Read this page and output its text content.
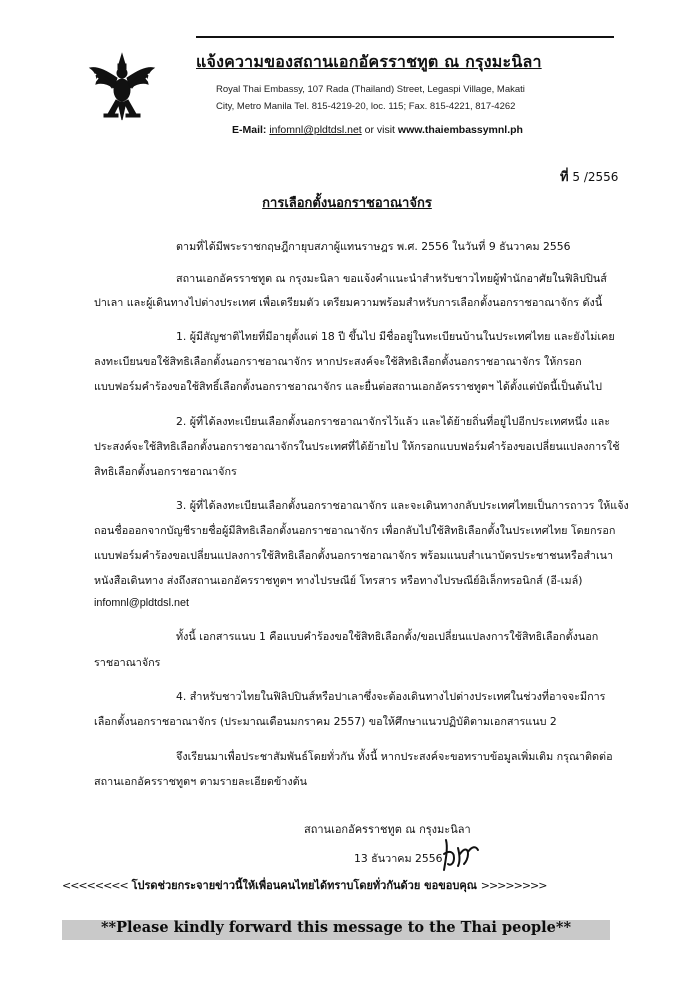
แจ้งความของสถานเอกอัครราชทูต ณ กรุงมะนิลา
Royal Thai Embassy, 107 Rada (Thailand) Street, Legaspi Village, Makati
City, Metro Manila Tel. 815-4219-20, loc. 115; Fax. 815-4221, 817-4262
E-Mail: infomnl@pldtdsl.net or visit www.thaiembassymnl.ph
ที่ 5 /2556
การเลือกตั้งนอกราชอาณาจักร
ตามที่ได้มีพระราชกฤษฎีกายุบสภาผู้แทนราษฎร พ.ศ. 2556 ในวันที่ 9 ธันวาคม 2556
สถานเอกอัครราชทูต ณ กรุงมะนิลา ขอแจ้งคำแนะนำสำหรับชาวไทยผู้พำนักอาศัยในฟิลิปปินส์
ปาเลา และผู้เดินทางไปต่างประเทศ เพื่อเตรียมตัว เตรียมความพร้อมสำหรับการเลือกตั้งนอกราชอาณาจักร ดังนี้
1. ผู้มีสัญชาติไทยที่มีอายุตั้งแต่ 18 ปี ขึ้นไป มีชื่ออยู่ในทะเบียนบ้านในประเทศไทย และยังไม่เคย
ลงทะเบียนขอใช้สิทธิเลือกตั้งนอกราชอาณาจักร หากประสงค์จะใช้สิทธิเลือกตั้งนอกราชอาณาจักร ให้กรอก
แบบฟอร์มคำร้องขอใช้สิทธิ์เลือกตั้งนอกราชอาณาจักร และยื่นต่อสถานเอกอัครราชทูตฯ ได้ตั้งแต่บัดนี้เป็นต้นไป
2. ผู้ที่ได้ลงทะเบียนเลือกตั้งนอกราชอาณาจักรไว้แล้ว และได้ย้ายถิ่นที่อยู่ไปอีกประเทศหนึ่ง และ
ประสงค์จะใช้สิทธิเลือกตั้งนอกราชอาณาจักรในประเทศที่ได้ย้ายไป ให้กรอกแบบฟอร์มคำร้องขอเปลี่ยนแปลงการใช้
สิทธิเลือกตั้งนอกราชอาณาจักร
3. ผู้ที่ได้ลงทะเบียนเลือกตั้งนอกราชอาณาจักร และจะเดินทางกลับประเทศไทยเป็นการถาวร ให้แจ้ง
ถอนชื่อออกจากบัญชีรายชื่อผู้มีสิทธิเลือกตั้งนอกราชอาณาจักร เพื่อกลับไปใช้สิทธิเลือกตั้งในประเทศไทย โดยกรอก
แบบฟอร์มคำร้องขอเปลี่ยนแปลงการใช้สิทธิเลือกตั้งนอกราชอาณาจักร พร้อมแนบสำเนาบัตรประชาชนหรือสำเนา
หนังสือเดินทาง ส่งถึงสถานเอกอัครราชทูตฯ ทางไปรษณีย์ โทรสาร หรือทางไปรษณีย์อิเล็กทรอนิกส์ (อี-เมล์)
infomnl@pldtdsl.net
ทั้งนี้ เอกสารแนบ 1 คือแบบคำร้องขอใช้สิทธิเลือกตั้ง/ขอเปลี่ยนแปลงการใช้สิทธิเลือกตั้งนอก
ราชอาณาจักร
4. สำหรับชาวไทยในฟิลิปปินส์หรือปาเลาซึ่งจะต้องเดินทางไปต่างประเทศในช่วงที่อาจจะมีการ
เลือกตั้งนอกราชอาณาจักร (ประมาณเดือนมกราคม 2557) ขอให้ศึกษาแนวปฏิบัติตามเอกสารแนบ 2
จึงเรียนมาเพื่อประชาสัมพันธ์โดยทั่วกัน ทั้งนี้ หากประสงค์จะขอทราบข้อมูลเพิ่มเติม กรุณาติดต่อ
สถานเอกอัครราชทูตฯ ตามรายละเอียดข้างต้น
สถานเอกอัครราชทูต ณ กรุงมะนิลา
13 ธันวาคม 2556
<<<<<<<< โปรดช่วยกระจายข่าวนี้ให้เพื่อนคนไทยได้ทราบโดยทั่วกันด้วย ขอขอบคุณ >>>>>>>>
**Please kindly forward this message to the Thai people**
